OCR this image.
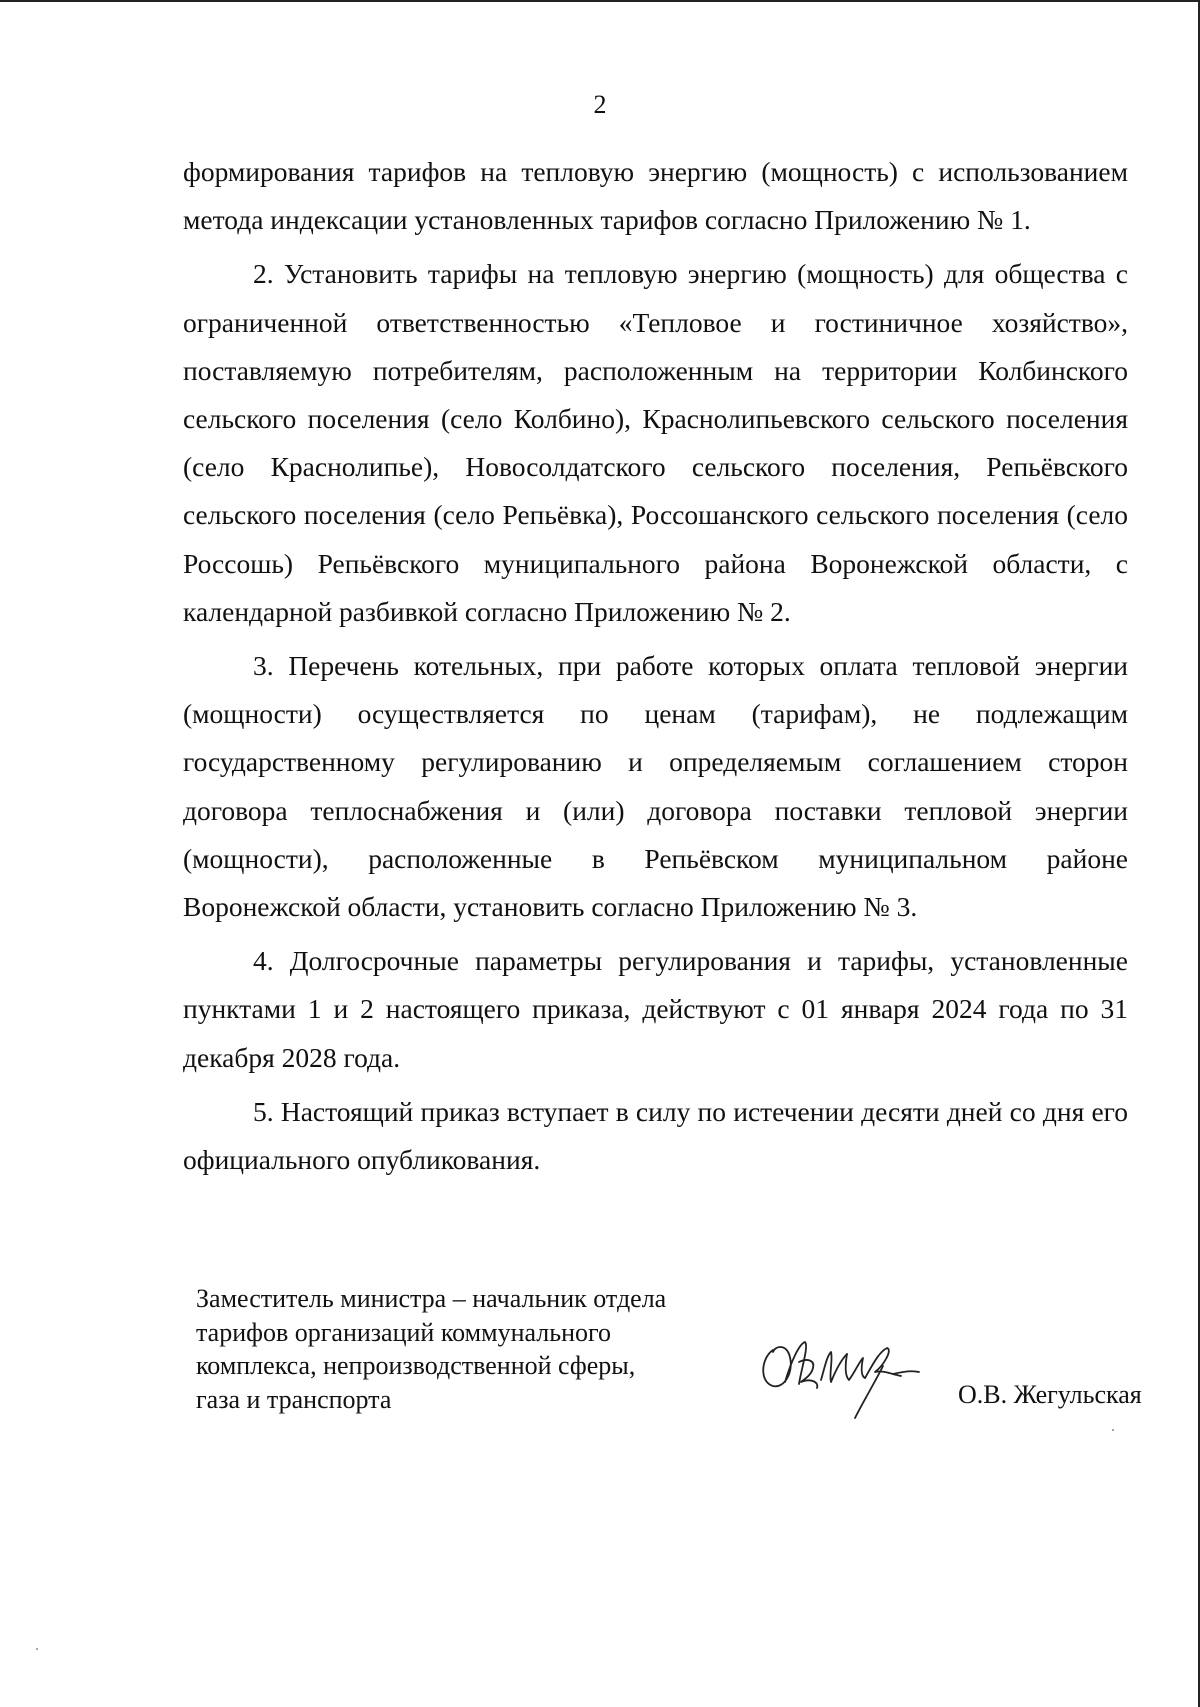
2

формирования тарифов на тепловую энергию (мощность) с использованием метода индексации установленных тарифов согласно Приложению № 1.

2. Установить тарифы на тепловую энергию (мощность) для общества с ограниченной ответственностью «Тепловое и гостиничное хозяйство», поставляемую потребителям, расположенным на территории Колбинского сельского поселения (село Колбино), Краснолипьевского сельского поселения (село Краснолипье), Новосолдатского сельского поселения, Репьёвского сельского поселения (село Репьёвка), Россошанского сельского поселения (село Россошь) Репьёвского муниципального района Воронежской области, с календарной разбивкой согласно Приложению № 2.

3. Перечень котельных, при работе которых оплата тепловой энергии (мощности) осуществляется по ценам (тарифам), не подлежащим государственному регулированию и определяемым соглашением сторон договора теплоснабжения и (или) договора поставки тепловой энергии (мощности), расположенные в Репьёвском муниципальном районе Воронежской области, установить согласно Приложению № 3.

4. Долгосрочные параметры регулирования и тарифы, установленные пунктами 1 и 2 настоящего приказа, действуют с 01 января 2024 года по 31 декабря 2028 года.

5. Настоящий приказ вступает в силу по истечении десяти дней со дня его официального опубликования.

Заместитель министра – начальник отдела
тарифов организаций коммунального
комплекса, непроизводственной сферы,
газа и транспорта	О.В. Жегульская
